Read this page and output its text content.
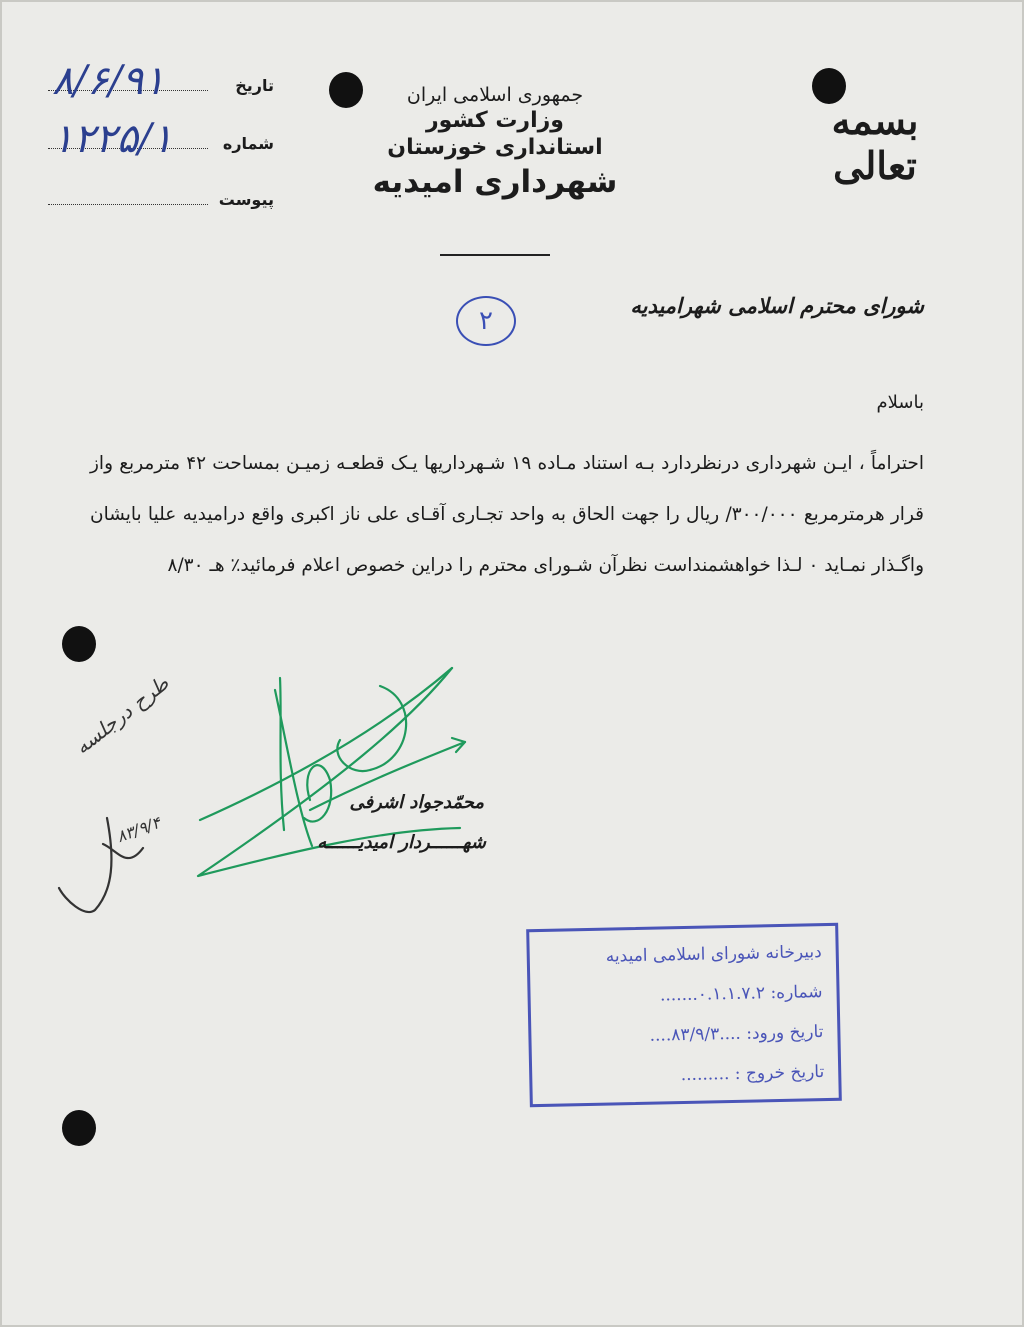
تاریخ
۸/۶/۹۱
شماره
۱۲۲۵/۱
پیوست
جمهوری اسلامی ایران
وزارت کشور
استانداری خوزستان
شهرداری امیدیه
بسمه تعالی
۲	شورای محترم اسلامی شهرامیدیه
باسلام
احتراماً ، ایـن شهرداری درنظردارد بـه استناد مـاده ۱۹ شـهرداریها یـک قطعـه زمیـن بمساحت ۴۲ مترمربع واز قرار هرمترمربع ۳۰۰/۰۰۰/ ریال را جهت الحاق به واحد تجـاری آقـای علی ناز اکبری واقع درامیدیه علیا بایشان واگـذار نمـاید ۰ لـذا خواهشمنداست نظرآن شـورای محترم را دراین خصوص اعلام فرمائید٪ هـ ۸/۳۰
محمّدجواد اشرفی
شهــــــردار امیدیــــــه
طرح درجلسه
۸۳/۹/۴
دبیرخانه شورای اسلامی امیدیه
شماره: ۰.۱.۱.۷.۲.......
تاریخ ورود: ....۸۳/۹/۳....
تاریخ خروج : .........
